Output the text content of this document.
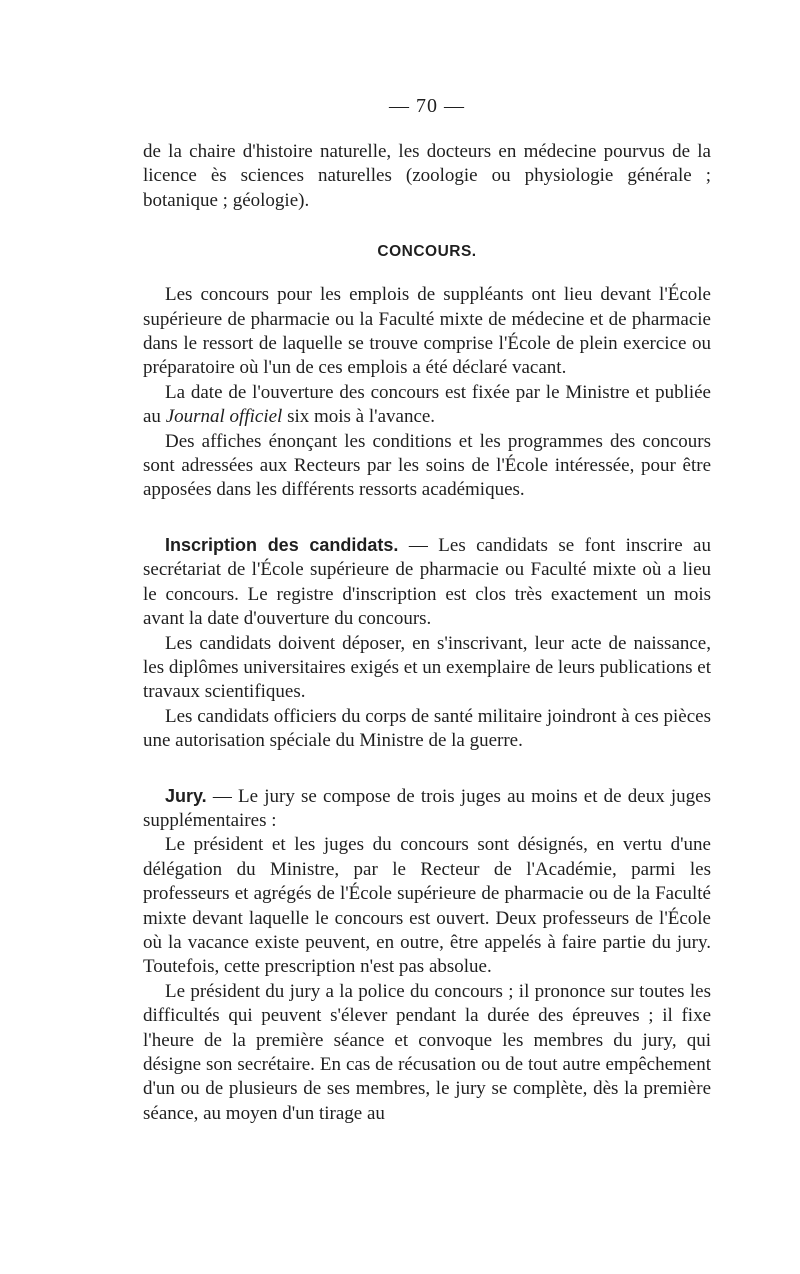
— 70 —

de la chaire d'histoire naturelle, les docteurs en médecine pourvus de la licence ès sciences naturelles (zoologie ou physiologie générale ; botanique ; géologie).

CONCOURS.

Les concours pour les emplois de suppléants ont lieu devant l'École supérieure de pharmacie ou la Faculté mixte de médecine et de pharmacie dans le ressort de laquelle se trouve comprise l'École de plein exercice ou préparatoire où l'un de ces emplois a été déclaré vacant.

La date de l'ouverture des concours est fixée par le Ministre et publiée au Journal officiel six mois à l'avance.

Des affiches énonçant les conditions et les programmes des concours sont adressées aux Recteurs par les soins de l'École intéressée, pour être apposées dans les différents ressorts académiques.

Inscription des candidats. — Les candidats se font inscrire au secrétariat de l'École supérieure de pharmacie ou Faculté mixte où a lieu le concours. Le registre d'inscription est clos très exactement un mois avant la date d'ouverture du concours.

Les candidats doivent déposer, en s'inscrivant, leur acte de naissance, les diplômes universitaires exigés et un exemplaire de leurs publications et travaux scientifiques.

Les candidats officiers du corps de santé militaire joindront à ces pièces une autorisation spéciale du Ministre de la guerre.

Jury. — Le jury se compose de trois juges au moins et de deux juges supplémentaires :

Le président et les juges du concours sont désignés, en vertu d'une délégation du Ministre, par le Recteur de l'Académie, parmi les professeurs et agrégés de l'École supérieure de pharmacie ou de la Faculté mixte devant laquelle le concours est ouvert. Deux professeurs de l'École où la vacance existe peuvent, en outre, être appelés à faire partie du jury. Toutefois, cette prescription n'est pas absolue.

Le président du jury a la police du concours ; il prononce sur toutes les difficultés qui peuvent s'élever pendant la durée des épreuves ; il fixe l'heure de la première séance et convoque les membres du jury, qui désigne son secrétaire. En cas de récusation ou de tout autre empêchement d'un ou de plusieurs de ses membres, le jury se complète, dès la première séance, au moyen d'un tirage au
